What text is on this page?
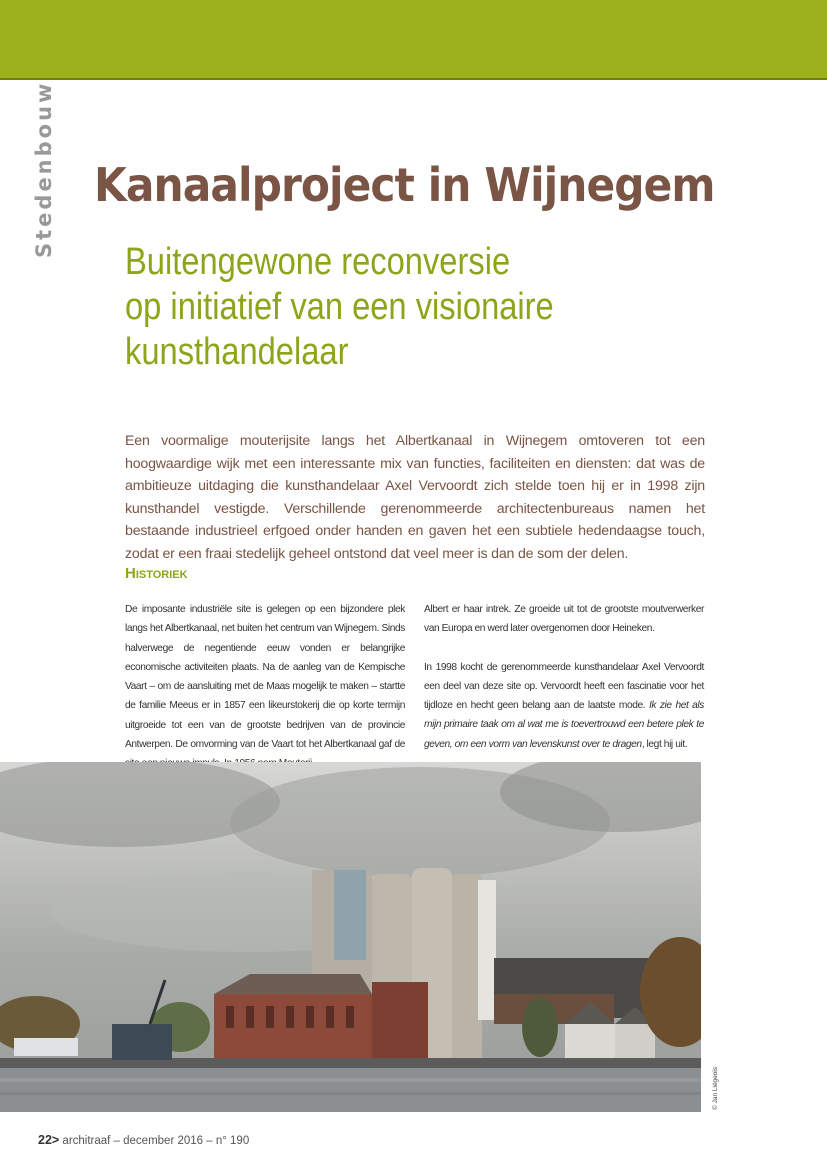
Stedenbouw Kanaalproject in Wijnegem
Buitengewone reconversie
op initiatief van een visionaire
kunsthandelaar

Een voormalige mouterijsite langs het Albertkanaal in Wijnegem omtoveren tot een hoogwaardige wijk met een interessante mix van functies, faciliteiten en diensten: dat was de ambitieuze uitdaging die kunsthandelaar Axel Vervoordt zich stelde toen hij er in 1998 zijn kunsthandel vestigde. Verschillende gerenommeerde architectenbureaus namen het bestaande industrieel erfgoed onder handen en gaven het een subtiele hedendaagse touch, zodat er een fraai stedelijk geheel ontstond dat veel meer is dan de som der delen.

Historiek

De imposante industriële site is gelegen op een bijzondere plek langs het Albertkanaal, net buiten het centrum van Wijnegem. Sinds halverwege de negentiende eeuw vonden er belangrijke economische activiteiten plaats. Na de aanleg van de Kempische Vaart – om de aansluiting met de Maas mogelijk te maken – startte de familie Meeus er in 1857 een likeurstokerij die op korte termijn uitgroeide tot een van de grootste bedrijven van de provincie Antwerpen. De omvorming van de Vaart tot het Albertkanaal gaf de

Albert er haar intrek. Ze groeide uit tot de grootste moutverwerker van Europa en werd later overgenomen door Heineken.

In 1998 kocht de gerenommeerde kunsthandelaar Axel Vervoordt een deel van deze site op. Vervoordt heeft een fascinatie voor het tijdloze en hecht geen belang aan de laatste mode. Ik zie het als mijn primaire taak om al wat me is toevertrouwd een betere plek te geven, om een vorm van levenskunst over te dragen, legt hij uit.

© Jan Liégeois
22> architraaf – december 2016 – n° 190
